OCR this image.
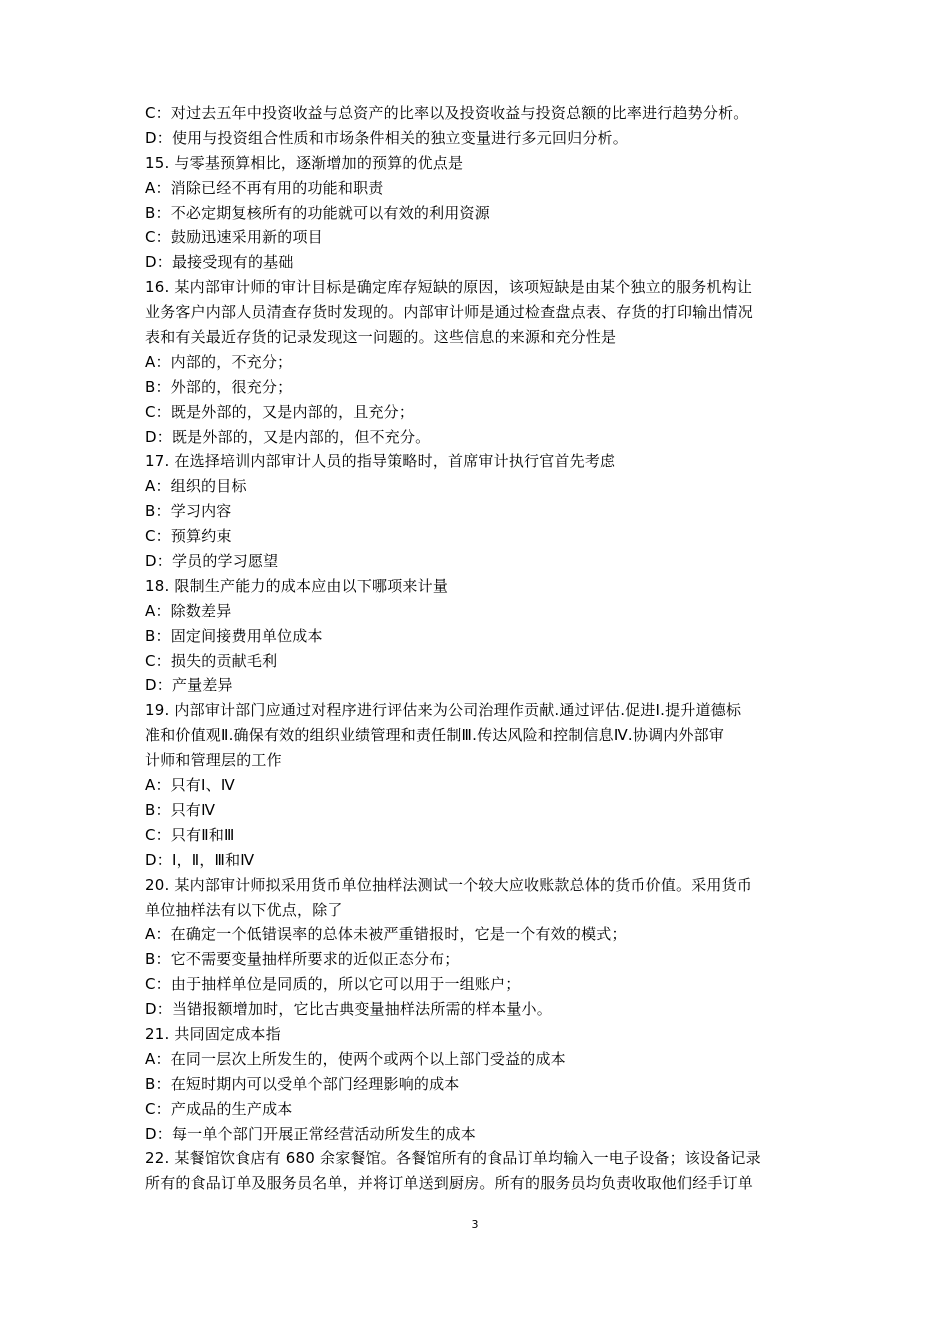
C：对过去五年中投资收益与总资产的比率以及投资收益与投资总额的比率进行趋势分析。
D：使用与投资组合性质和市场条件相关的独立变量进行多元回归分析。
15. 与零基预算相比，逐渐增加的预算的优点是
A：消除已经不再有用的功能和职责
B：不必定期复核所有的功能就可以有效的利用资源
C：鼓励迅速采用新的项目
D：最接受现有的基础
16. 某内部审计师的审计目标是确定库存短缺的原因，该项短缺是由某个独立的服务机构让
业务客户内部人员清查存货时发现的。内部审计师是通过检查盘点表、存货的打印输出情况
表和有关最近存货的记录发现这一问题的。这些信息的来源和充分性是
A：内部的，不充分；
B：外部的，很充分；
C：既是外部的，又是内部的，且充分；
D：既是外部的，又是内部的，但不充分。
17. 在选择培训内部审计人员的指导策略时，首席审计执行官首先考虑
A：组织的目标
B：学习内容
C：预算约束
D：学员的学习愿望
18. 限制生产能力的成本应由以下哪项来计量
A：除数差异
B：固定间接费用单位成本
C：损失的贡献毛利
D：产量差异
19. 内部审计部门应通过对程序进行评估来为公司治理作贡献.通过评估.促进Ⅰ.提升道德标
准和价值观Ⅱ.确保有效的组织业绩管理和责任制Ⅲ.传达风险和控制信息Ⅳ.协调内外部审
计师和管理层的工作
A：只有Ⅰ、Ⅳ
B：只有Ⅳ
C：只有Ⅱ和Ⅲ
D：Ⅰ，Ⅱ，Ⅲ和Ⅳ
20. 某内部审计师拟采用货币单位抽样法测试一个较大应收账款总体的货币价值。采用货币
单位抽样法有以下优点，除了
A：在确定一个低错误率的总体未被严重错报时，它是一个有效的模式；
B：它不需要变量抽样所要求的近似正态分布；
C：由于抽样单位是同质的，所以它可以用于一组账户；
D：当错报额增加时，它比古典变量抽样法所需的样本量小。
21. 共同固定成本指
A：在同一层次上所发生的，使两个或两个以上部门受益的成本
B：在短时期内可以受单个部门经理影响的成本
C：产成品的生产成本
D：每一单个部门开展正常经营活动所发生的成本
22. 某餐馆饮食店有 680 余家餐馆。各餐馆所有的食品订单均输入一电子设备；该设备记录
所有的食品订单及服务员名单，并将订单送到厨房。所有的服务员均负责收取他们经手订单
3
